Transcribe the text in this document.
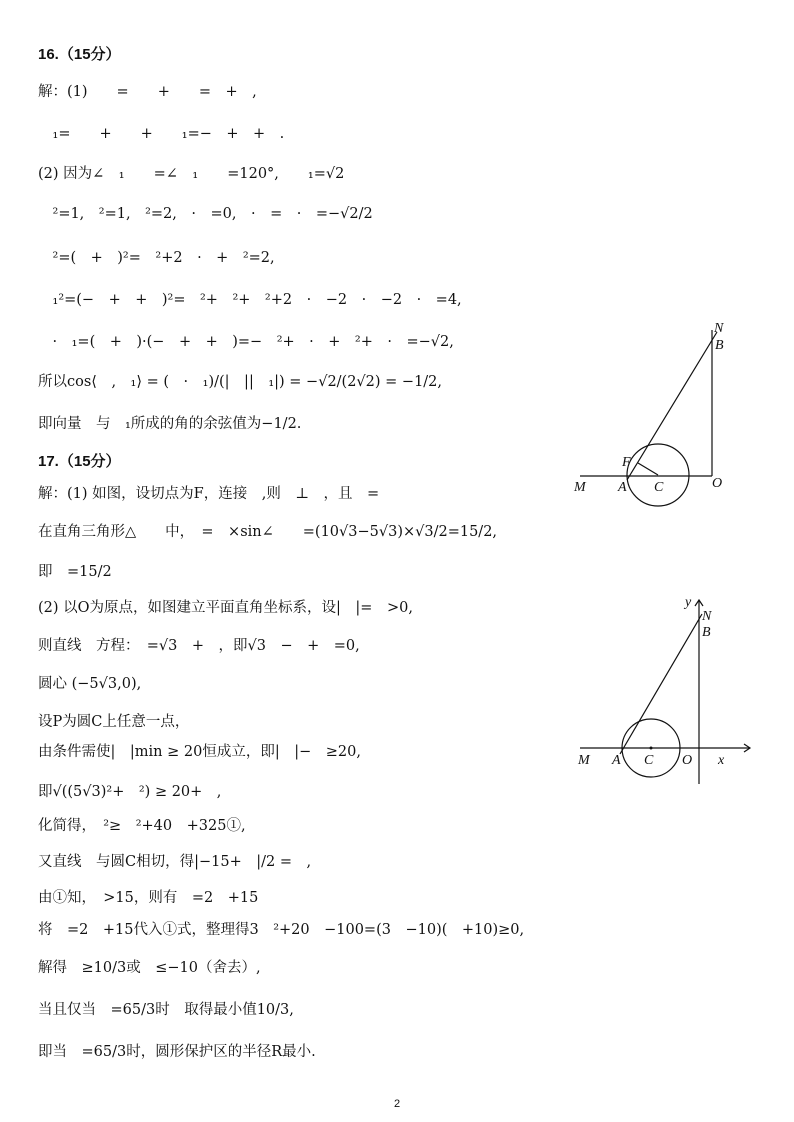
16.（15分）
解：(1)　　=　　+　　=　+　,
　₁=　　+　　+　　₁=−　+　+　.
(2) 因为∠　₁　　=∠　₁　　=120°,　　₁=√2
　²=1,　²=1,　²=2,　·　=0,　·　=　·　=−√2/2
　²=(　+　)²=　²+2　·　+　²=2,
　₁²=(−　+　+　)²=　²+　²+　²+2　·　−2　·　−2　·　=4,
　·　₁=(　+　)·(−　+　+　)=−　²+　·　+　²+　·　=−√2,
所以cos⟨　,　₁⟩ = (　·　₁)/(|　||　₁|) = −√2/(2√2) = −1/2,
即向量　与　₁所成的角的余弦值为−1/2.
17.（15分）
解：(1) 如图，设切点为F，连接　,则　⊥　，且　=
在直角三角形△　　中，　=　×sin∠　　=(10√3−5√3)×√3/2=15/2,
即　=15/2
(2) 以O为原点，如图建立平面直角坐标系，设|　|=　>0,
则直线　方程：　=√3　+　，即√3　−　+　=0,
圆心 (−5√3,0),
设P为圆C上任意一点，
由条件需使|　|min ≥ 20恒成立，即|　|−　≥20,
即√((5√3)²+　²) ≥ 20+　,
化简得，　²≥　²+40　+325①,
又直线　与圆C相切，得|−15+　|/2 =　,
由①知，　>15，则有　=2　+15
将　=2　+15代入①式，整理得3　²+20　−100=(3　−10)(　+10)≥0,
解得　≥10/3或　≤−10（舍去）,
当且仅当　=65/3时　取得最小值10/3,
即当　=65/3时，圆形保护区的半径R最小.
N
B
F
M A C	O
y
N
B
M A C O x
2
